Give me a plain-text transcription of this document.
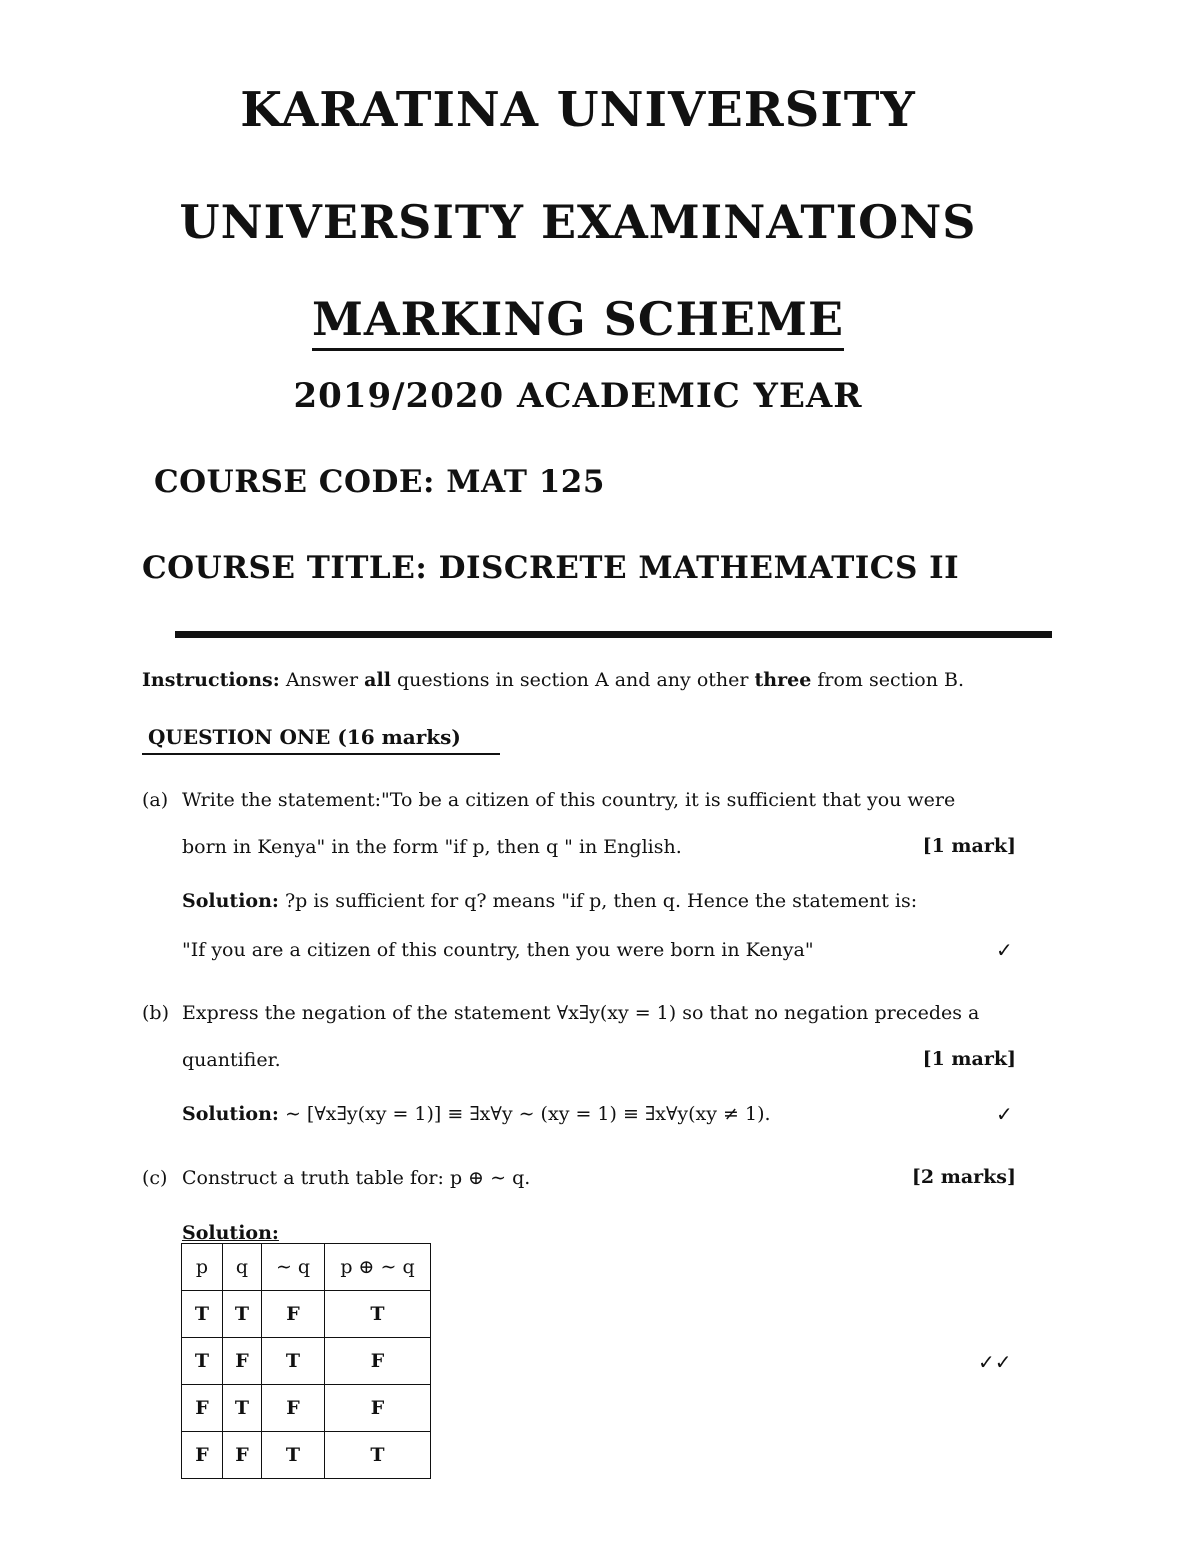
KARATINA UNIVERSITY
UNIVERSITY EXAMINATIONS
MARKING SCHEME
2019/2020 ACADEMIC YEAR
COURSE CODE: MAT 125
COURSE TITLE: DISCRETE MATHEMATICS II
Instructions: Answer all questions in section A and any other three from section B.
QUESTION ONE (16 marks)
(a) Write the statement:"To be a citizen of this country, it is sufficient that you were
born in Kenya" in the form "if p, then q " in English.	[1 mark]
Solution: ?p is sufficient for q? means "if p, then q. Hence the statement is:
"If you are a citizen of this country, then you were born in Kenya"	✓
(b) Express the negation of the statement ∀x∃y(xy = 1) so that no negation precedes a
quantifier.	[1 mark]
Solution: ∼ [∀x∃y(xy = 1)] ≡ ∃x∀y ∼ (xy = 1) ≡ ∃x∀y(xy ≠ 1).	✓
(c) Construct a truth table for: p ⊕ ∼ q.	[2 marks]
Solution:
p	q	∼ q	p ⊕ ∼ q
T	T	F	T
T	F	T	F
F	T	F	F
F	F	T	T
✓✓
